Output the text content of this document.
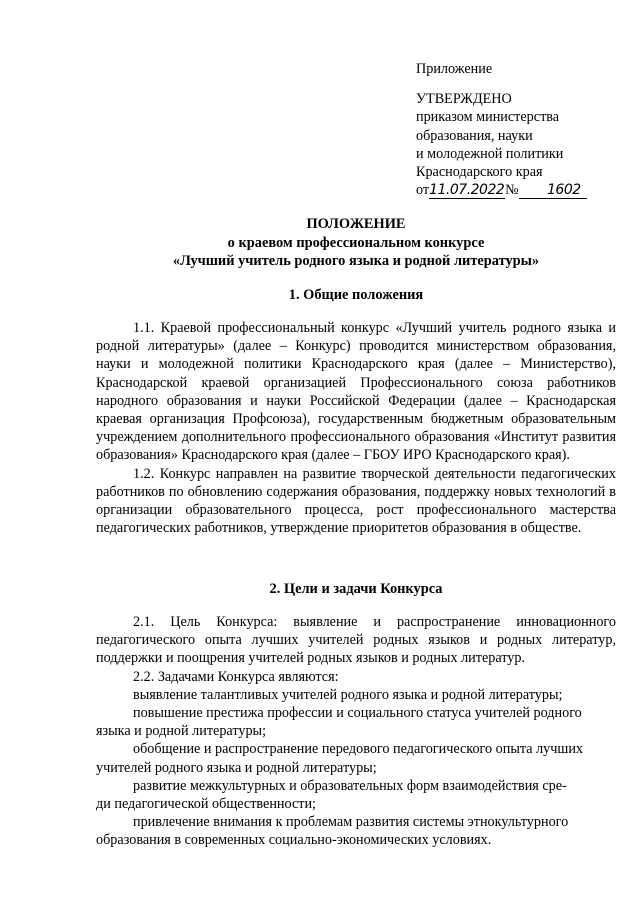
Приложение
УТВЕРЖДЕНО
приказом министерства
образования, науки
и молодежной политики
Краснодарского края
от11.07.2022№ 1602
ПОЛОЖЕНИЕ
о краевом профессиональном конкурсе
«Лучший учитель родного языка и родной литературы»
1. Общие положения

1.1. Краевой профессиональный конкурс «Лучший учитель родного языка и родной литературы» (далее – Конкурс) проводится министерством образования, науки и молодежной политики Краснодарского края (далее – Министерство), Краснодарской краевой организацией Профессионального союза работников народного образования и науки Российской Федерации (далее – Краснодарская краевая организация Профсоюза), государственным бюджетным образовательным учреждением дополнительного профессионального образования «Институт развития образования» Краснодарского края (далее – ГБОУ ИРО Краснодарского края).

1.2. Конкурс направлен на развитие творческой деятельности педагогических работников по обновлению содержания образования, поддержку новых технологий в организации образовательного процесса, рост профессионального мастерства педагогических работников, утверждение приоритетов образования в обществе.

2. Цели и задачи Конкурса

2.1. Цель Конкурса: выявление и распространение инновационного педагогического опыта лучших учителей родных языков и родных литератур, поддержки и поощрения учителей родных языков и родных литератур.

2.2. Задачами Конкурса являются:

выявление талантливых учителей родного языка и родной литературы;

повышение престижа профессии и социального статуса учителей родного

языка и родной литературы;

обобщение и распространение передового педагогического опыта лучших

учителей родного языка и родной литературы;

развитие межкультурных и образовательных форм взаимодействия сре-

ди педагогической общественности;

привлечение внимания к проблемам развития системы этнокультурного

образования в современных социально-экономических условиях.
